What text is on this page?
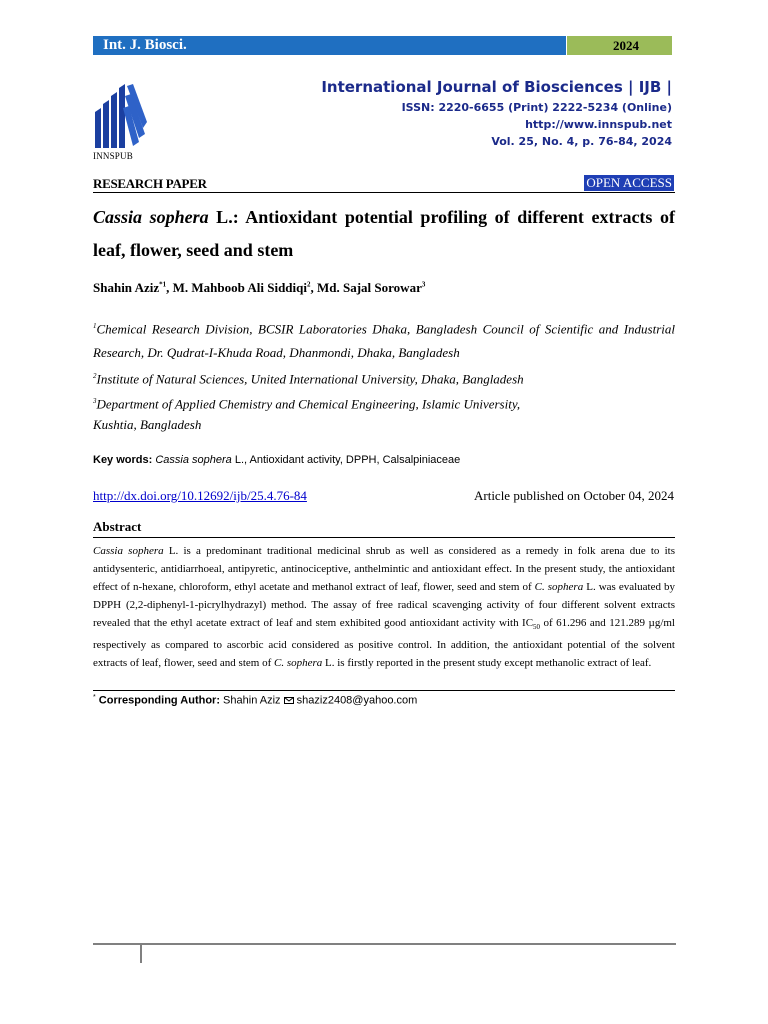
Int. J. Biosci.	2024
INNSPUB
International Journal of Biosciences | IJB |
ISSN: 2220-6655 (Print) 2222-5234 (Online)
http://www.innspub.net
Vol. 25, No. 4, p. 76-84, 2024
RESEARCH PAPER	OPEN ACCESS
Cassia sophera L.: Antioxidant potential profiling of different extracts of leaf, flower, seed and stem
Shahin Aziz$^{*1}$, M. Mahboob Ali Siddiqi$^2$, Md. Sajal Sorowar$^3$
$^1$Chemical Research Division, BCSIR Laboratories Dhaka, Bangladesh Council of Scientific and Industrial Research, Dr. Qudrat-I-Khuda Road, Dhanmondi, Dhaka, Bangladesh
$^2$Institute of Natural Sciences, United International University, Dhaka, Bangladesh
$^3$Department of Applied Chemistry and Chemical Engineering, Islamic University,
Kushtia, Bangladesh
Key words: Cassia sophera L., Antioxidant activity, DPPH, Calsalpiniaceae
http://dx.doi.org/10.12692/ijb/25.4.76-84	Article published on October 04, 2024
Abstract
Cassia sophera L. is a predominant traditional medicinal shrub as well as considered as a remedy in folk arena due to its antidysenteric, antidiarrhoeal, antipyretic, antinociceptive, anthelmintic and antioxidant effect. In the present study, the antioxidant effect of n-hexane, chloroform, ethyl acetate and methanol extract of leaf, flower, seed and stem of C. sophera L. was evaluated by DPPH (2,2-diphenyl-1-picrylhydrazyl) method. The assay of free radical scavenging activity of four different solvent extracts revealed that the ethyl acetate extract of leaf and stem exhibited good antioxidant activity with $IC_{50}$ of 61.296 and 121.289 µg/ml respectively as compared to ascorbic acid considered as positive control. In addition, the antioxidant potential of the solvent extracts of leaf, flower, seed and stem of C. sophera L. is firstly reported in the present study except methanolic extract of leaf.
* Corresponding Author: Shahin Aziz
shaziz2408@yahoo.com
